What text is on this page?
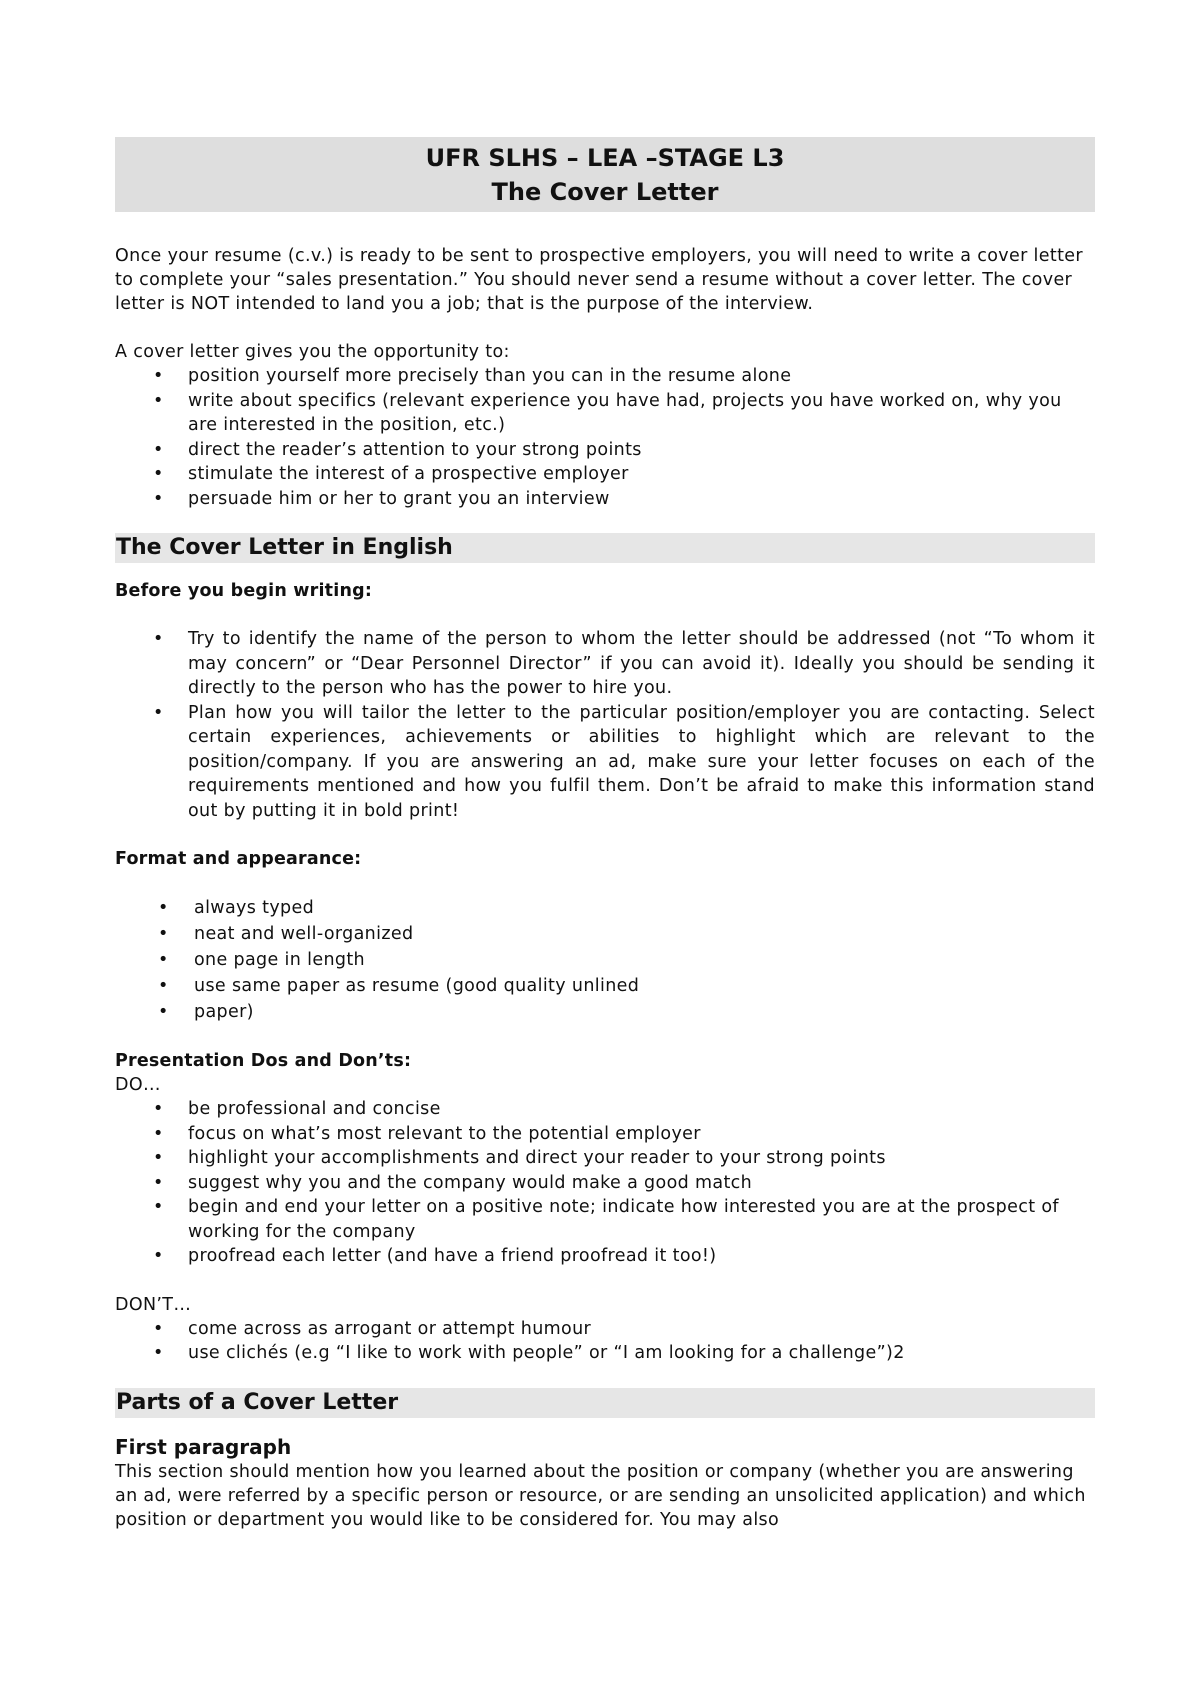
UFR SLHS – LEA –STAGE L3
The Cover Letter

Once your resume (c.v.) is ready to be sent to prospective employers, you will need to write a cover letter to complete your “sales presentation.” You should never send a resume without a cover letter. The cover letter is NOT intended to land you a job; that is the purpose of the interview.

A cover letter gives you the opportunity to:

• position yourself more precisely than you can in the resume alone
• write about specifics (relevant experience you have had, projects you have worked on, why you are interested in the position, etc.)
• direct the reader’s attention to your strong points
• stimulate the interest of a prospective employer
• persuade him or her to grant you an interview
The Cover Letter in English
Before you begin writing:
• Try to identify the name of the person to whom the letter should be addressed (not “To whom it may concern” or “Dear Personnel Director” if you can avoid it). Ideally you should be sending it directly to the person who has the power to hire you.
• Plan how you will tailor the letter to the particular position/employer you are contacting. Select certain experiences, achievements or abilities to highlight which are relevant to the position/company. If you are answering an ad, make sure your letter focuses on each of the requirements mentioned and how you fulfil them. Don’t be afraid to make this information stand out by putting it in bold print!
Format and appearance:
• always typed
• neat and well-organized
• one page in length
• use same paper as resume (good quality unlined
• paper)
Presentation Dos and Don’ts:

DO…

• be professional and concise
• focus on what’s most relevant to the potential employer
• highlight your accomplishments and direct your reader to your strong points
• suggest why you and the company would make a good match
• begin and end your letter on a positive note; indicate how interested you are at the prospect of working for the company
• proofread each letter (and have a friend proofread it too!)

DON’T…

• come across as arrogant or attempt humour
• use clichés (e.g “I like to work with people” or “I am looking for a challenge”)2
Parts of a Cover Letter
First paragraph

This section should mention how you learned about the position or company (whether you are answering an ad, were referred by a specific person or resource, or are sending an unsolicited application) and which position or department you would like to be considered for. You may also
